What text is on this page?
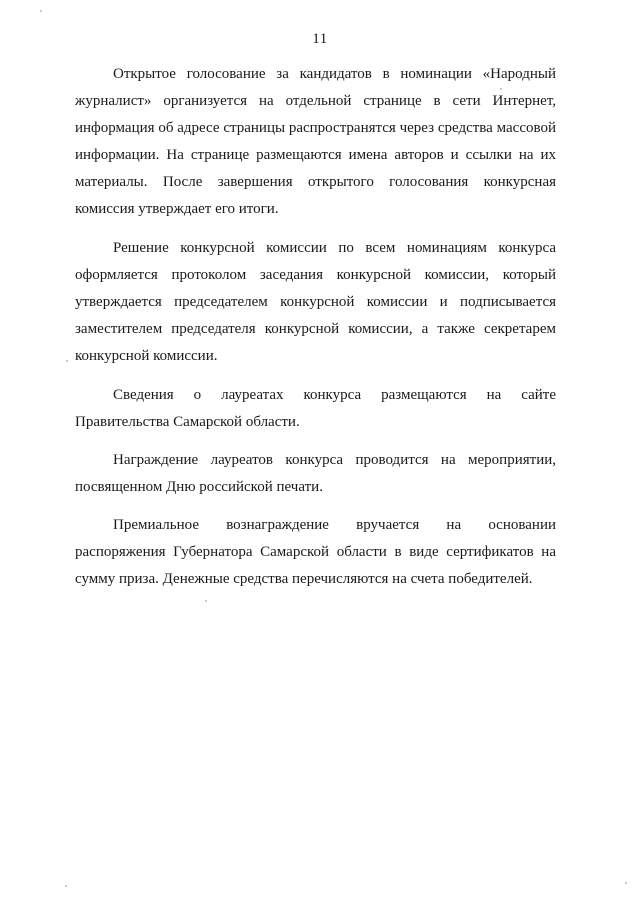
11

Открытое голосование за кандидатов в номинации «Народный журналист» организуется на отдельной странице в сети Интернет, информация об адресе страницы распространятся через средства массовой информации. На странице размещаются имена авторов и ссылки на их материалы. После завершения открытого голосования конкурсная комиссия утверждает его итоги.

Решение конкурсной комиссии по всем номинациям конкурса оформляется протоколом заседания конкурсной комиссии, который утверждается председателем конкурсной комиссии и подписывается заместителем председателя конкурсной комиссии, а также секретарем конкурсной комиссии.

Сведения о лауреатах конкурса размещаются на сайте Правительства Самарской области.

Награждение лауреатов конкурса проводится на мероприятии, посвященном Дню российской печати.

Премиальное вознаграждение вручается на основании распоряжения Губернатора Самарской области в виде сертификатов на сумму приза. Денежные средства перечисляются на счета победителей.
